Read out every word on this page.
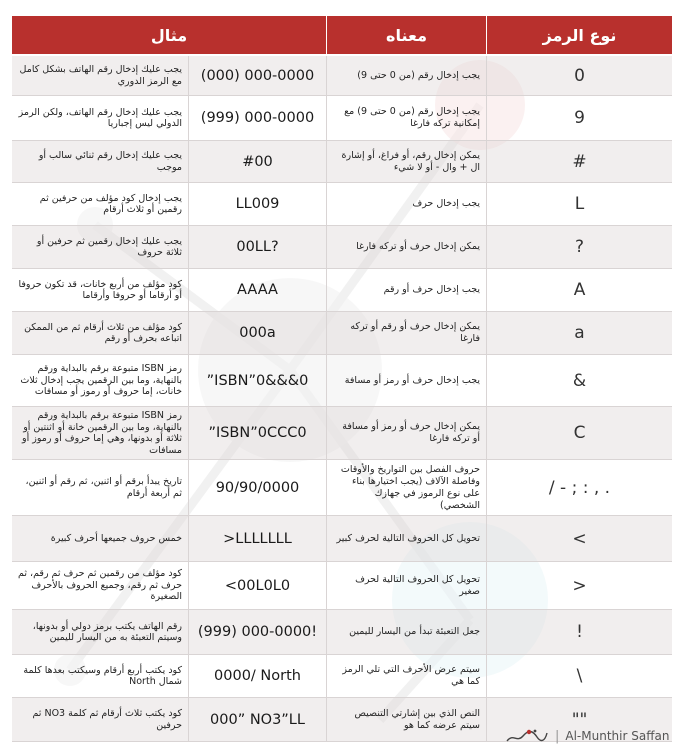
نوع الرمز
معناه
مثال
0
يجب إدخال رقم (من 0 حتى 9)
(000) 000-0000
يجب عليك إدخال رقم الهاتف بشكل كامل مع الرمز الدوري
9
يجب إدخال رقم (من 0 حتى 9) مع إمكانية تركه فارغا
(999) 000-0000
يجب عليك إدخال رقم الهاتف، ولكن الرمز الدولي ليس إجباريا
#
يمكن إدخال رقم، أو فراغ، أو إشارة ال + وال - أو لا شيء
#00
يجب عليك إدخال رقم ثنائي سالب أو موجب
L
يجب إدخال حرف
LL009
يجب إدخال كود مؤلف من حرفين ثم رقمين أو ثلاث أرقام
?
يمكن إدخال حرف أو تركه فارغا
00LL?
يجب عليك إدخال رقمين ثم حرفين أو ثلاثة حروف
A
يجب إدخال حرف أو رقم
AAAA
كود مؤلف من أربع خانات، قد تكون حروفا أو أرقاما أو حروفا وأرقاما
a
يمكن إدخال حرف أو رقم أو تركه فارغا
000a
كود مؤلف من ثلاث أرقام ثم من الممكن اتباعه بحرف أو رقم
&
يجب إدخال حرف أو رمز أو مسافة
”ISBN”0&&&0
رمز ISBN متبوعة برقم بالبداية ورقم بالنهاية، وما بين الرقمين يجب إدخال ثلاث خانات، إما حروف أو رموز أو مسافات
C
يمكن إدخال حرف أو رمز أو مسافة أو تركه فارغا
”ISBN”0CCC0
رمز ISBN متبوعة برقم بالبداية ورقم بالنهاية، وما بين الرقمين خانة أو اثنتين أو ثلاثة أو بدونها، وهي إما حروف أو رموز أو مسافات
. , : ; - /
حروف الفصل بين التواريخ والأوقات وفاصلة الآلاف (يجب اختيارها بناء على نوع الرموز في جهازك الشخصي)
90/90/0000
تاريخ يبدأ برقم أو اثنين، ثم رقم أو اثنين، ثم أربعة أرقام
>
تحويل كل الحروف التالية لحرف كبير
>LLLLLLL
خمس حروف جميعها أحرف كبيرة
<
تحويل كل الحروف التالية لحرف صغير
<00L0L0
كود مؤلف من رقمين ثم حرف ثم رقم، ثم حرف ثم رقم، وجميع الحروف بالأحرف الصغيرة
!
جعل التعبئة تبدأ من اليسار لليمين
(999) 000-0000!
رقم الهاتف يكتب برمز دولي أو بدونها، وسيتم التعبئة به من اليسار لليمين
\
سيتم عرض الأحرف التي تلي الرمز كما هي
0000/ North
كود يكتب أربع أرقام وسيكتب بعدها كلمة شمال North
""
النص الذي بين إشارتي التنصيص سيتم عرضه كما هو
000” NO3”LL
كود يكتب ثلاث أرقام ثم كلمة NO3 ثم حرفين
| Al-Munthir Saffan
